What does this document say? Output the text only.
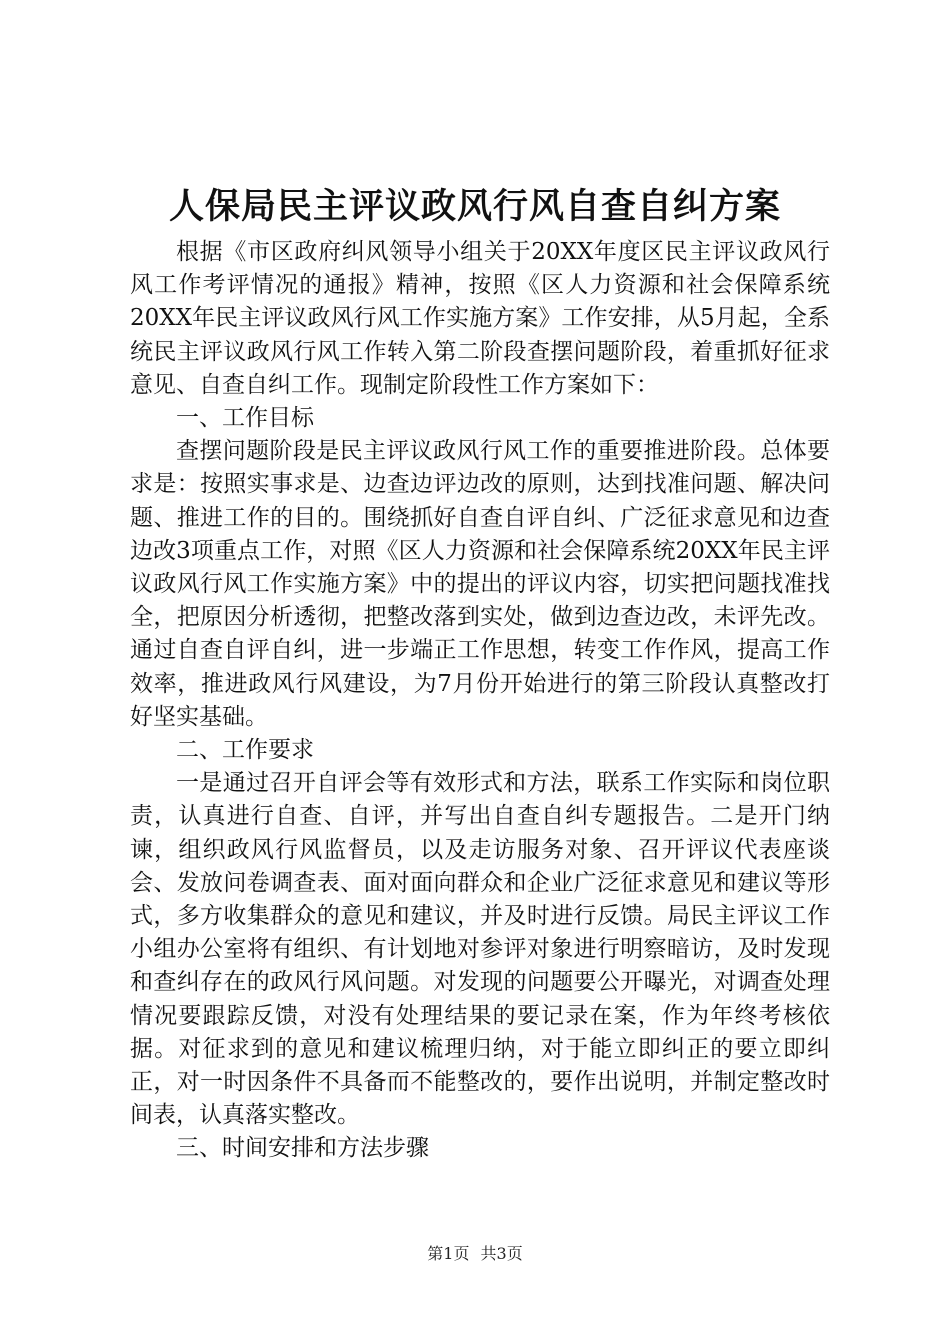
人保局民主评议政风行风自查自纠方案

根据《市区政府纠风领导小组关于20XX年度区民主评议政风行风工作考评情况的通报》精神，按照《区人力资源和社会保障系统20XX年民主评议政风行风工作实施方案》工作安排，从5月起，全系统民主评议政风行风工作转入第二阶段查摆问题阶段，着重抓好征求意见、自查自纠工作。现制定阶段性工作方案如下：

一、工作目标

查摆问题阶段是民主评议政风行风工作的重要推进阶段。总体要求是：按照实事求是、边查边评边改的原则，达到找准问题、解决问题、推进工作的目的。围绕抓好自查自评自纠、广泛征求意见和边查边改3项重点工作，对照《区人力资源和社会保障系统20XX年民主评议政风行风工作实施方案》中的提出的评议内容，切实把问题找准找全，把原因分析透彻，把整改落到实处，做到边查边改，未评先改。通过自查自评自纠，进一步端正工作思想，转变工作作风，提高工作效率，推进政风行风建设，为7月份开始进行的第三阶段认真整改打好坚实基础。

二、工作要求

一是通过召开自评会等有效形式和方法，联系工作实际和岗位职责，认真进行自查、自评，并写出自查自纠专题报告。二是开门纳谏，组织政风行风监督员，以及走访服务对象、召开评议代表座谈会、发放问卷调查表、面对面向群众和企业广泛征求意见和建议等形式，多方收集群众的意见和建议，并及时进行反馈。局民主评议工作小组办公室将有组织、有计划地对参评对象进行明察暗访，及时发现和查纠存在的政风行风问题。对发现的问题要公开曝光，对调查处理情况要跟踪反馈，对没有处理结果的要记录在案，作为年终考核依据。对征求到的意见和建议梳理归纳，对于能立即纠正的要立即纠正，对一时因条件不具备而不能整改的，要作出说明，并制定整改时间表，认真落实整改。

三、时间安排和方法步骤

第1页 共3页
